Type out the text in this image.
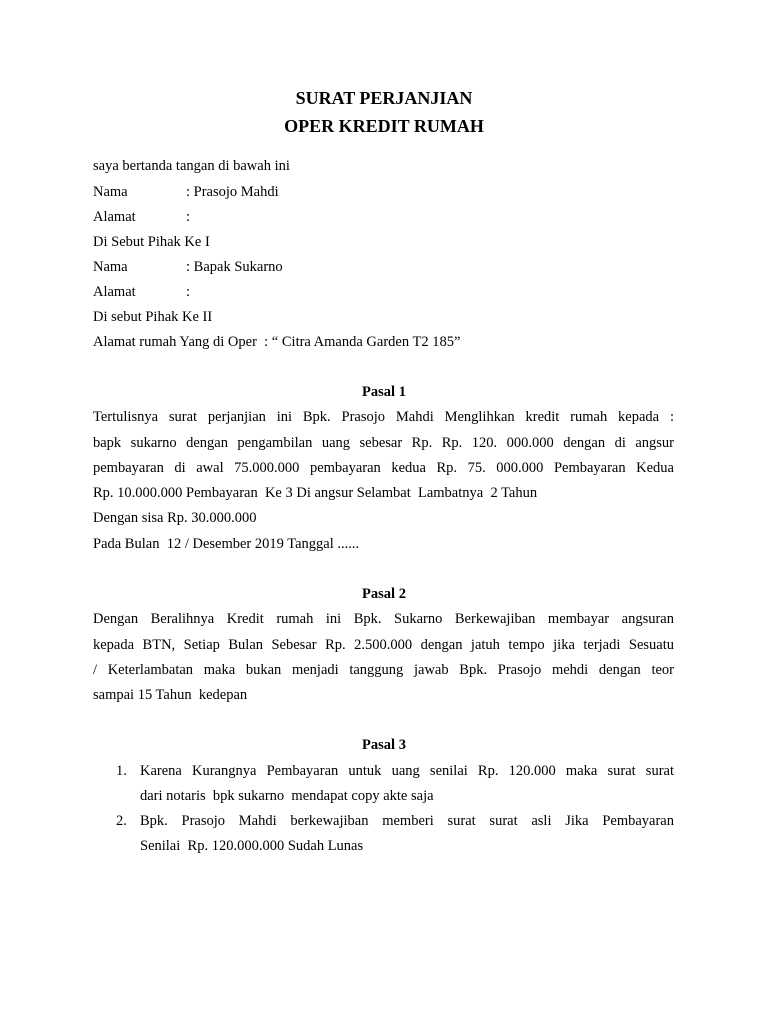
SURAT PERJANJIAN
OPER KREDIT RUMAH
saya bertanda tangan di bawah ini
Nama	: Prasojo Mahdi
Alamat	:
Di Sebut Pihak Ke I
Nama	: Bapak Sukarno
Alamat	:
Di sebut Pihak Ke II
Alamat rumah Yang di Oper  : “ Citra Amanda Garden T2 185”
Pasal 1
Tertulisnya surat perjanjian ini Bpk. Prasojo Mahdi Menglihkan kredit rumah kepada :
bapk sukarno dengan pengambilan uang sebesar Rp. Rp. 120. 000.000 dengan di angsur
pembayaran di awal 75.000.000 pembayaran kedua Rp. 75. 000.000 Pembayaran Kedua
Rp. 10.000.000 Pembayaran  Ke 3 Di angsur Selambat  Lambatnya  2 Tahun
Dengan sisa Rp. 30.000.000
Pada Bulan  12 / Desember 2019 Tanggal ......
Pasal 2
Dengan Beralihnya Kredit rumah ini Bpk. Sukarno Berkewajiban membayar angsuran
kepada BTN, Setiap Bulan Sebesar Rp. 2.500.000 dengan jatuh tempo jika terjadi Sesuatu
/ Keterlambatan maka bukan menjadi tanggung jawab Bpk. Prasojo mehdi dengan teor
sampai 15 Tahun  kedepan
Pasal 3
1. Karena Kurangnya Pembayaran untuk uang senilai Rp. 120.000 maka surat surat
dari notaris  bpk sukarno  mendapat copy akte saja
2. Bpk. Prasojo Mahdi berkewajiban memberi surat surat asli Jika Pembayaran
Senilai  Rp. 120.000.000 Sudah Lunas
